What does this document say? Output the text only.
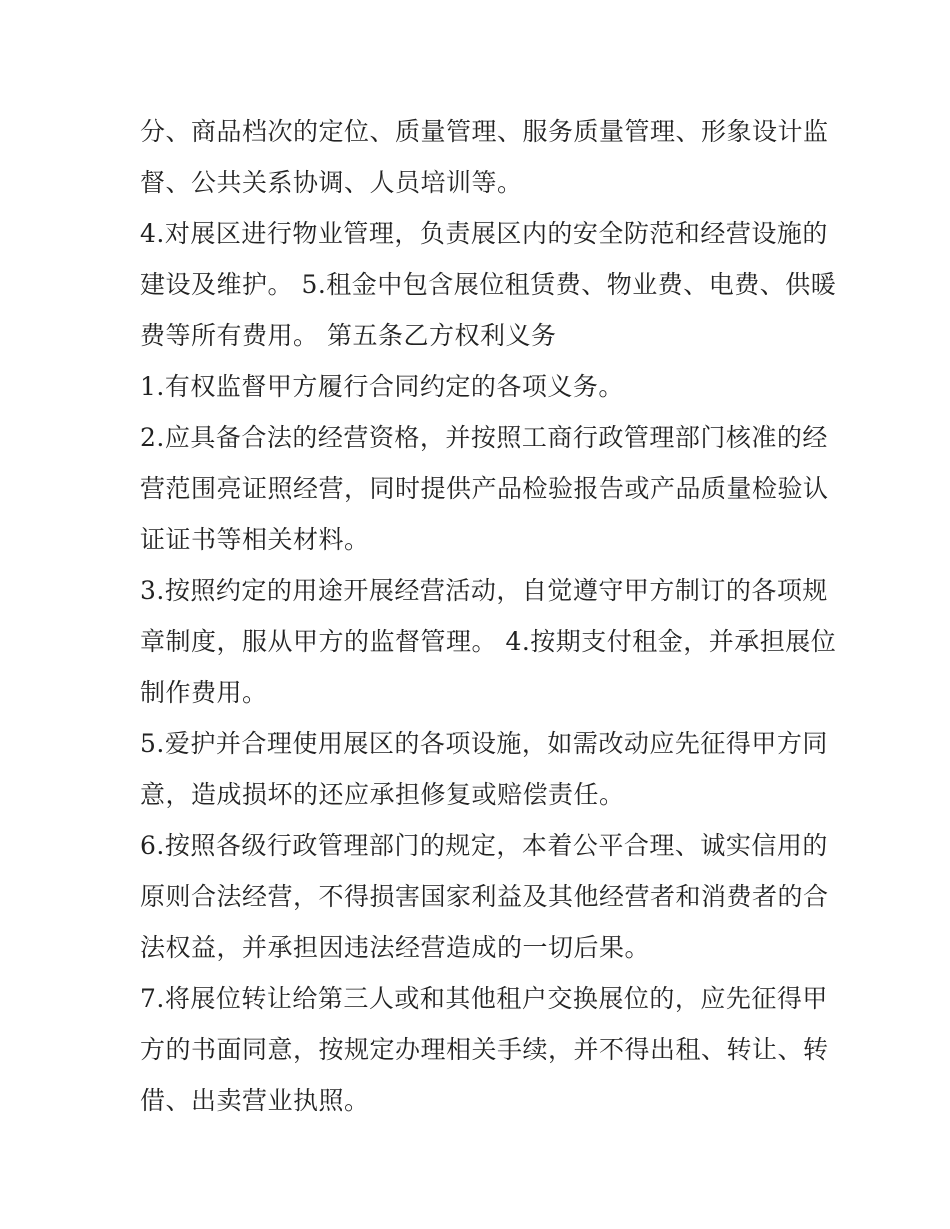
分、商品档次的定位、质量管理、服务质量管理、形象设计监
督、公共关系协调、人员培训等。
4.对展区进行物业管理，负责展区内的安全防范和经营设施的
建设及维护。 5.租金中包含展位租赁费、物业费、电费、供暖
费等所有费用。 第五条乙方权利义务
1.有权监督甲方履行合同约定的各项义务。
2.应具备合法的经营资格，并按照工商行政管理部门核准的经
营范围亮证照经营，同时提供产品检验报告或产品质量检验认
证证书等相关材料。
3.按照约定的用途开展经营活动，自觉遵守甲方制订的各项规
章制度，服从甲方的监督管理。 4.按期支付租金，并承担展位
制作费用。
5.爱护并合理使用展区的各项设施，如需改动应先征得甲方同
意，造成损坏的还应承担修复或赔偿责任。
6.按照各级行政管理部门的规定，本着公平合理、诚实信用的
原则合法经营，不得损害国家利益及其他经营者和消费者的合
法权益，并承担因违法经营造成的一切后果。
7.将展位转让给第三人或和其他租户交换展位的，应先征得甲
方的书面同意，按规定办理相关手续，并不得出租、转让、转
借、出卖营业执照。
